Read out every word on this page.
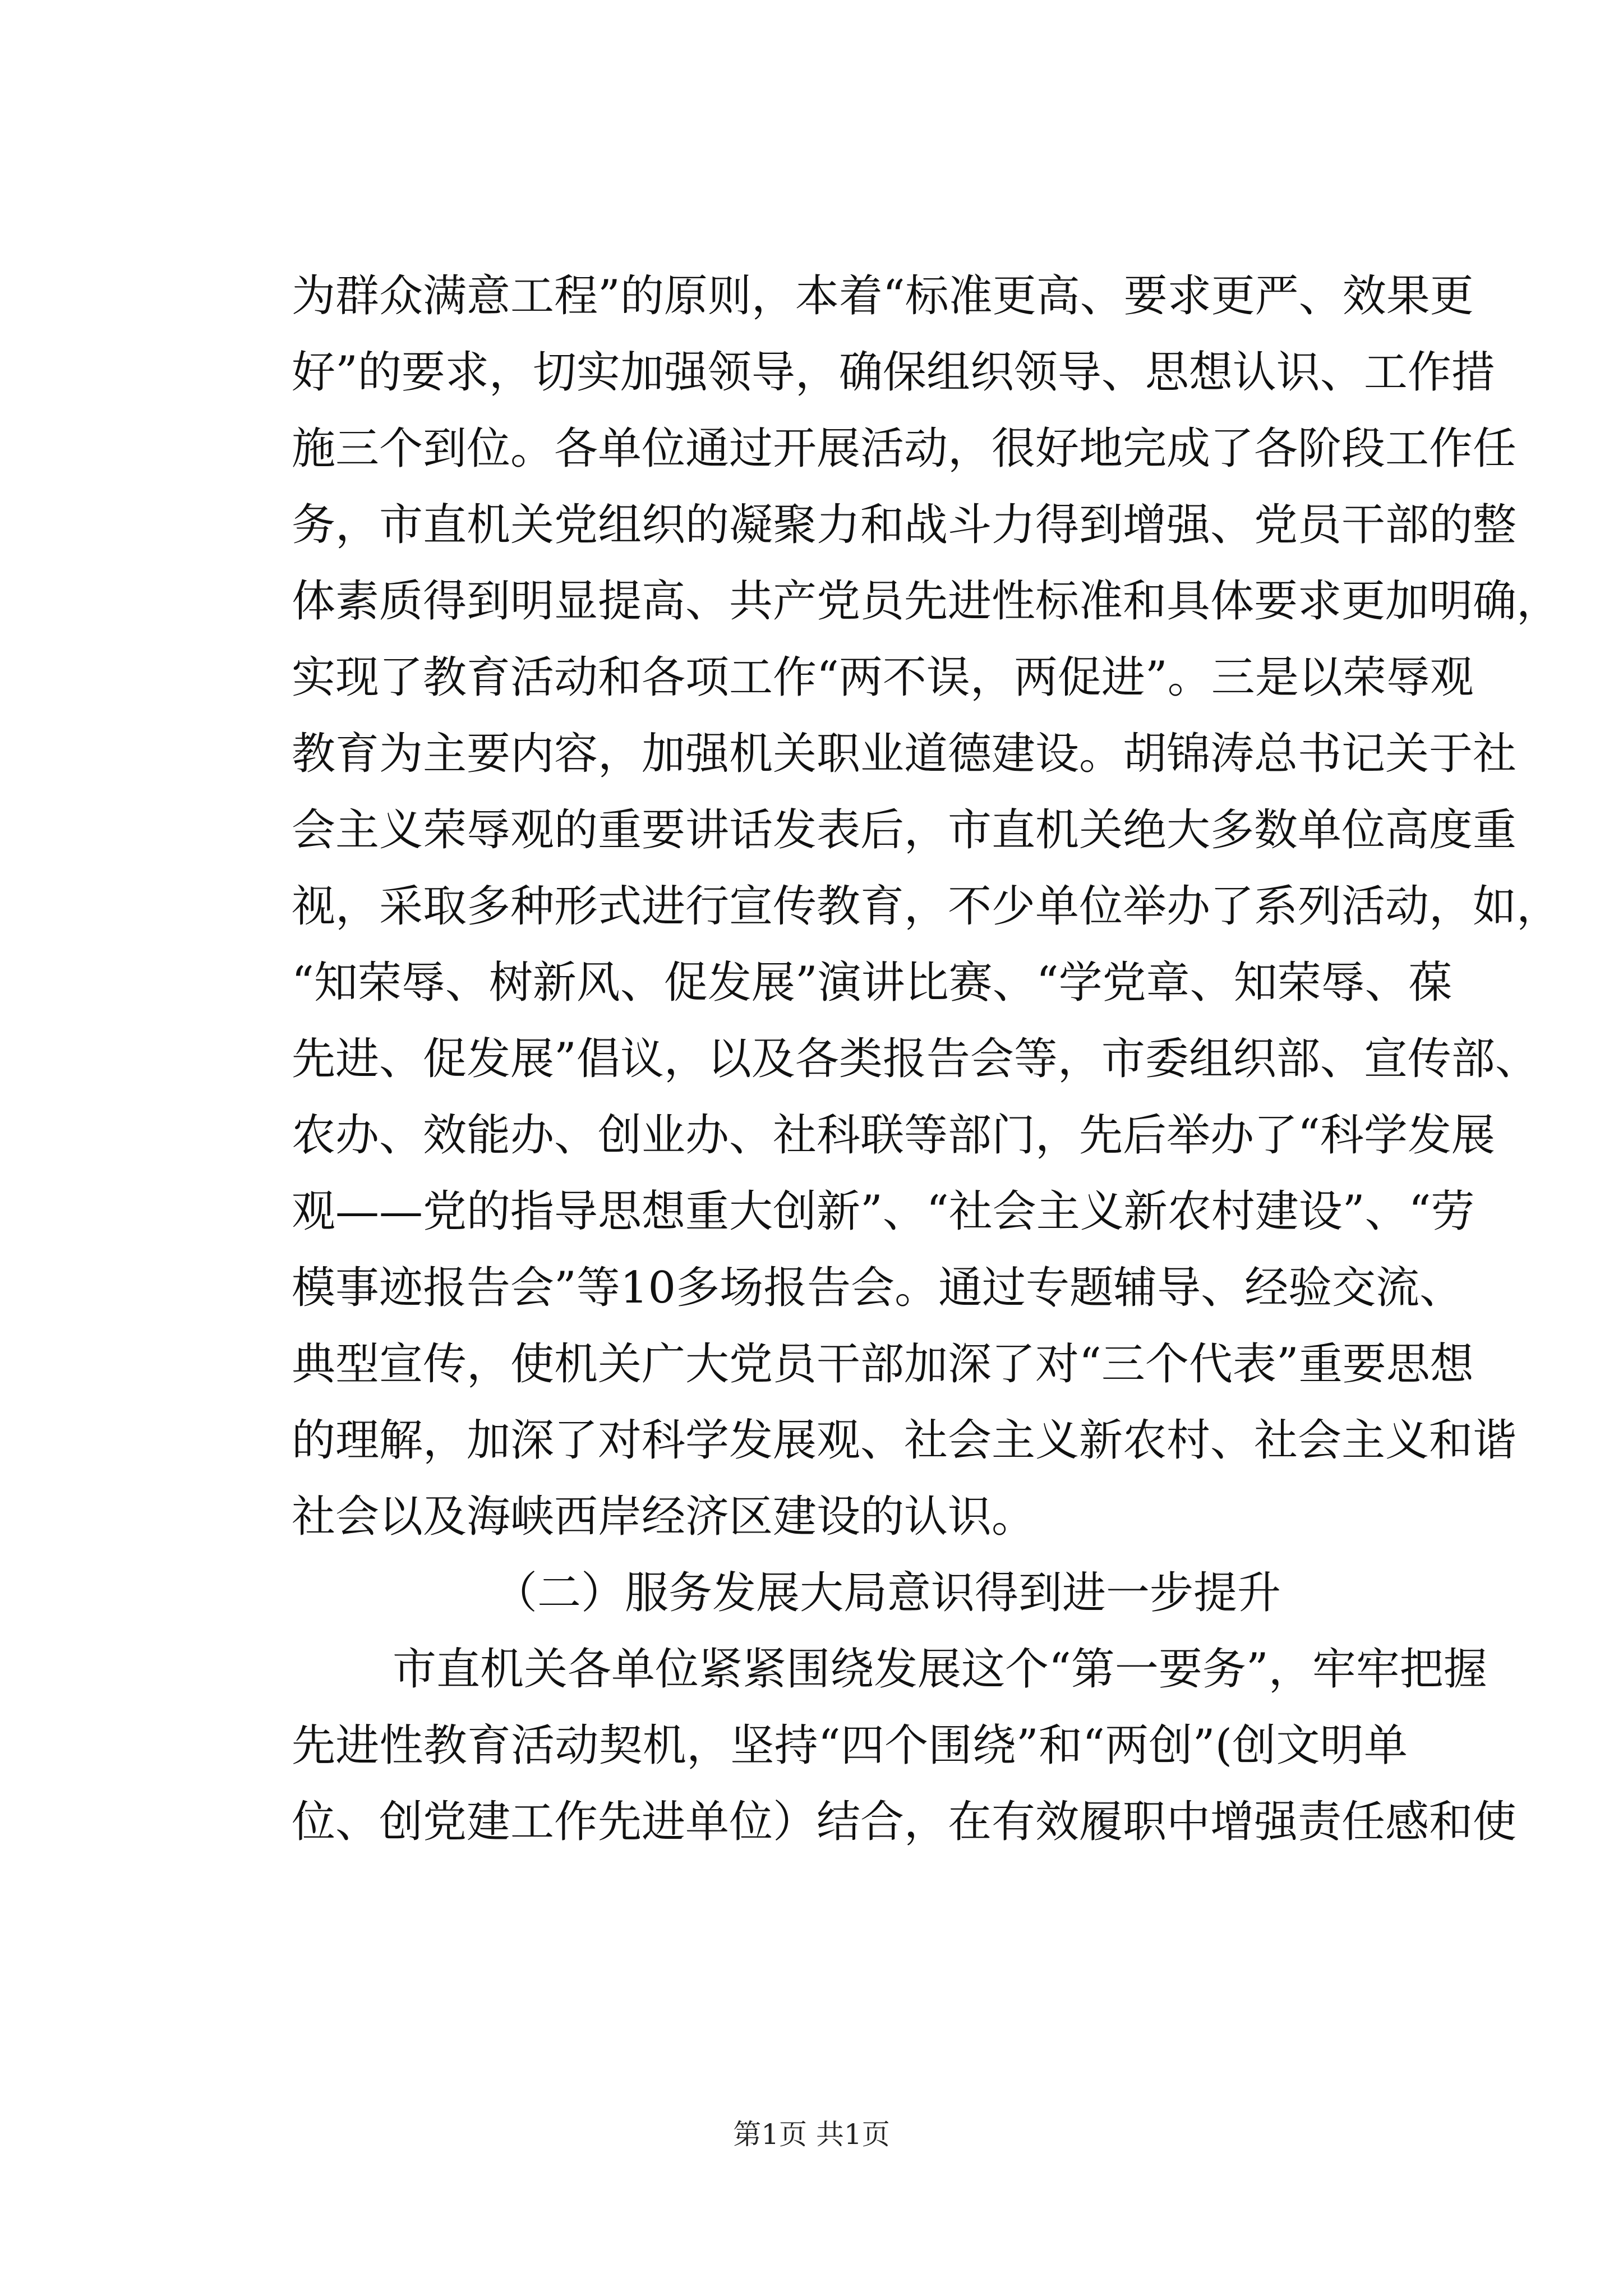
为群众满意工程”的原则，本着“标准更高、要求更严、效果更
好”的要求，切实加强领导，确保组织领导、思想认识、工作措
施三个到位。各单位通过开展活动，很好地完成了各阶段工作任
务，市直机关党组织的凝聚力和战斗力得到增强、党员干部的整
体素质得到明显提高、共产党员先进性标准和具体要求更加明确，
实现了教育活动和各项工作“两不误，两促进”。三是以荣辱观
教育为主要内容，加强机关职业道德建设。胡锦涛总书记关于社
会主义荣辱观的重要讲话发表后，市直机关绝大多数单位高度重
视，采取多种形式进行宣传教育，不少单位举办了系列活动，如，
“知荣辱、树新风、促发展”演讲比赛、“学党章、知荣辱、葆
先进、促发展”倡议，以及各类报告会等，市委组织部、宣传部、
农办、效能办、创业办、社科联等部门，先后举办了“科学发展
观——党的指导思想重大创新”、“社会主义新农村建设”、“劳
模事迹报告会”等10多场报告会。通过专题辅导、经验交流、
典型宣传，使机关广大党员干部加深了对“三个代表”重要思想
的理解，加深了对科学发展观、社会主义新农村、社会主义和谐
社会以及海峡西岸经济区建设的认识。
（二）服务发展大局意识得到进一步提升
市直机关各单位紧紧围绕发展这个“第一要务”，牢牢把握
先进性教育活动契机，坚持“四个围绕”和“两创”(创文明单
位、创党建工作先进单位）结合，在有效履职中增强责任感和使
第1页 共1页
